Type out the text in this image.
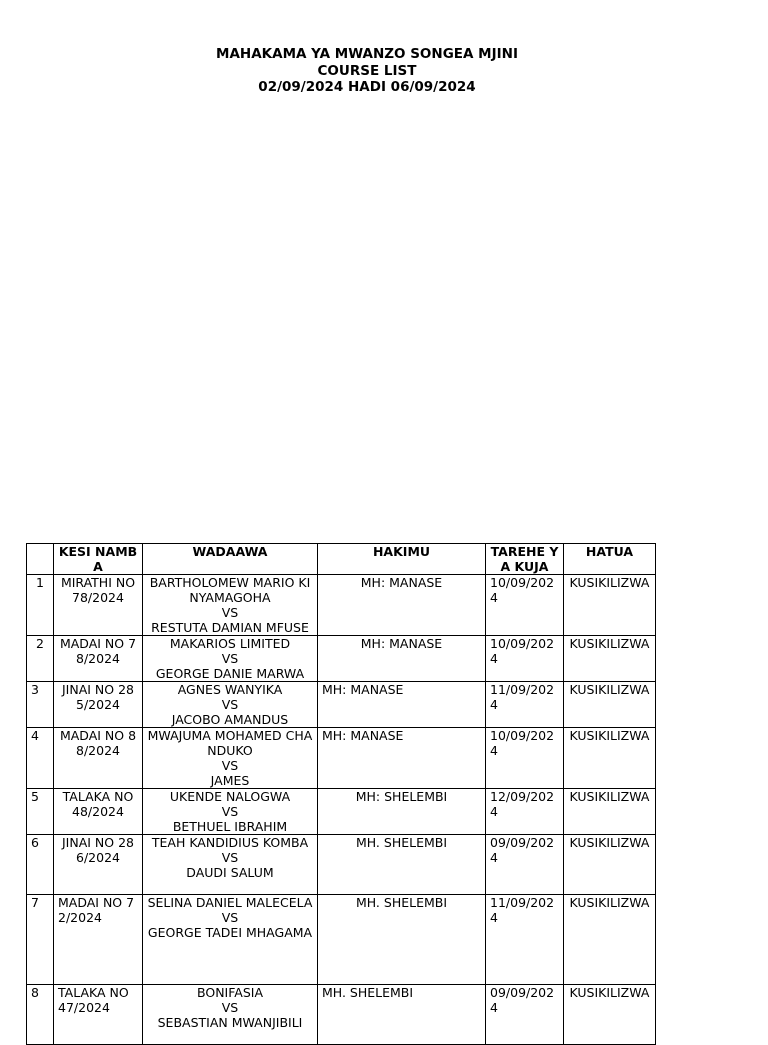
MAHAKAMA YA MWANZO SONGEA MJINI
COURSE LIST
02/09/2024 HADI 06/09/2024
	KESI NAMBA	WADAAWA	HAKIMU	TAREHE YA KUJA	HATUA
1	MIRATHI NO 78/2024	BARTHOLOMEW MARIO KINYAMAGOHA
VS
RESTUTA DAMIAN MFUSE	MH: MANASE	10/09/2024	KUSIKILIZWA
2	MADAI NO 78/2024	MAKARIOS LIMITED
VS
GEORGE DANIE MARWA	MH: MANASE	10/09/2024	KUSIKILIZWA
3	JINAI NO 285/2024	AGNES WANYIKA
VS
JACOBO AMANDUS	MH: MANASE	11/09/2024	KUSIKILIZWA
4	MADAI NO 88/2024	MWAJUMA MOHAMED CHANDUKO
VS
JAMES	MH: MANASE	10/09/2024	KUSIKILIZWA
5	TALAKA NO 48/2024	UKENDE NALOGWA
VS
BETHUEL IBRAHIM	MH: SHELEMBI	12/09/2024	KUSIKILIZWA
6	JINAI NO 286/2024	TEAH KANDIDIUS KOMBA
VS
DAUDI SALUM	MH. SHELEMBI	09/09/2024	KUSIKILIZWA
7	MADAI NO 72/2024	SELINA DANIEL MALECELA
VS
GEORGE TADEI MHAGAMA	MH. SHELEMBI	11/09/2024	KUSIKILIZWA
8	TALAKA NO 47/2024	BONIFASIA
VS
SEBASTIAN MWANJIBILI	MH. SHELEMBI	09/09/2024	KUSIKILIZWA
